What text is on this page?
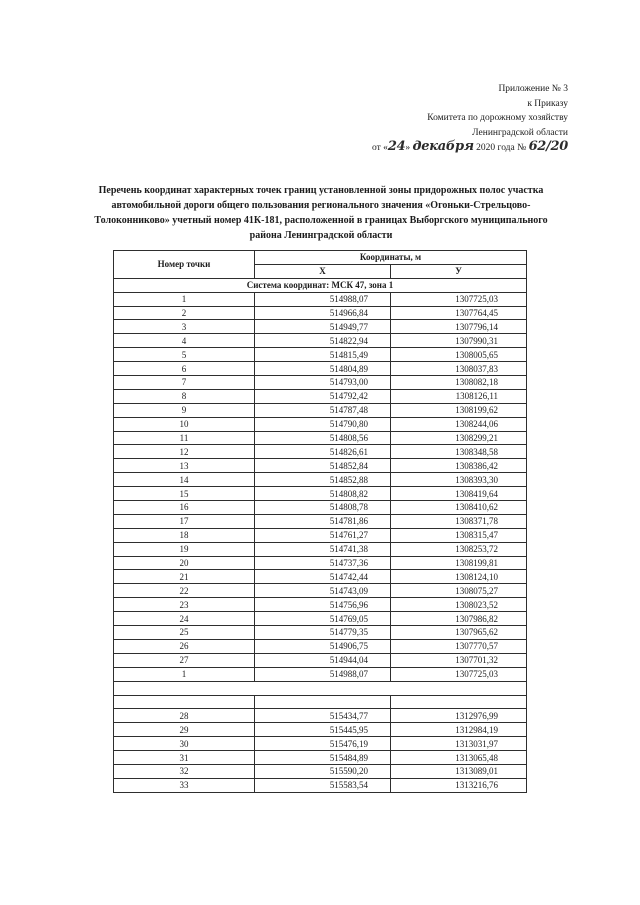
Приложение № 3
к Приказу
Комитета по дорожному хозяйству
Ленинградской области
от «24» декабря 2020 года № 62/20
Перечень координат характерных точек границ установленной зоны придорожных полос участка автомобильной дороги общего пользования регионального значения «Огоньки-Стрельцово-Толоконниково» учетный номер 41К-181, расположенной в границах Выборгского муниципального района Ленинградской области
Номер точки	Координаты, м	
	Х	У
Система координат: МСК 47, зона 1		
1	514988,07	1307725,03
2	514966,84	1307764,45
3	514949,77	1307796,14
4	514822,94	1307990,31
5	514815,49	1308005,65
6	514804,89	1308037,83
7	514793,00	1308082,18
8	514792,42	1308126,11
9	514787,48	1308199,62
10	514790,80	1308244,06
11	514808,56	1308299,21
12	514826,61	1308348,58
13	514852,84	1308386,42
14	514852,88	1308393,30
15	514808,82	1308419,64
16	514808,78	1308410,62
17	514781,86	1308371,78
18	514761,27	1308315,47
19	514741,38	1308253,72
20	514737,36	1308199,81
21	514742,44	1308124,10
22	514743,09	1308075,27
23	514756,96	1308023,52
24	514769,05	1307986,82
25	514779,35	1307965,62
26	514906,75	1307770,57
27	514944,04	1307701,32
1	514988,07	1307725,03

28	515434,77	1312976,99
29	515445,95	1312984,19
30	515476,19	1313031,97
31	515484,89	1313065,48
32	515590,20	1313089,01
33	515583,54	1313216,76
